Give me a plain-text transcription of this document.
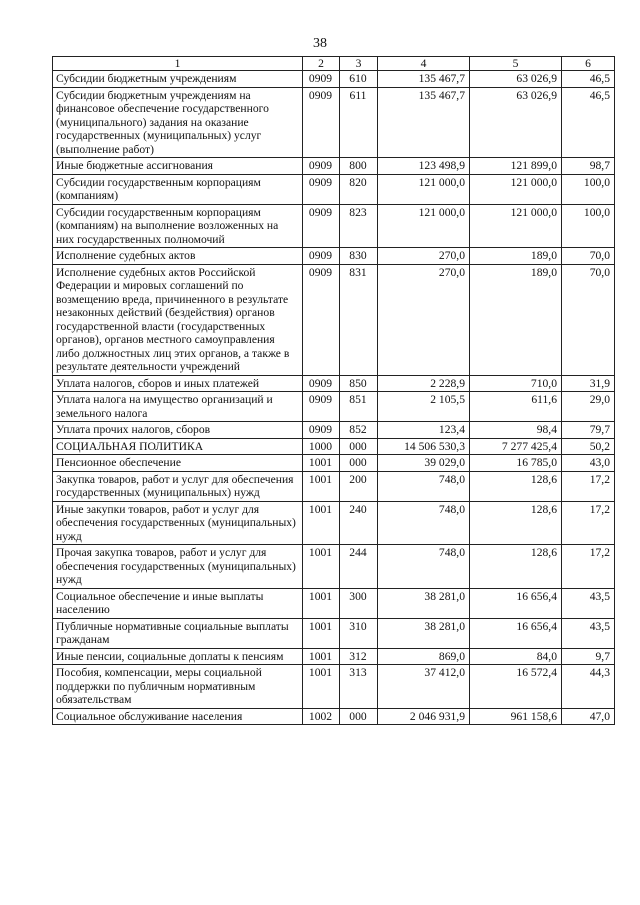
38
1	2	3	4	5	6
Субсидии бюджетным учреждениям	0909	610	135 467,7	63 026,9	46,5
Субсидии бюджетным учреждениям на финансовое обеспечение государственного (муниципального) задания на оказание государственных (муниципальных) услуг (выполнение работ)	0909	611	135 467,7	63 026,9	46,5
Иные бюджетные ассигнования	0909	800	123 498,9	121 899,0	98,7
Субсидии государственным корпорациям (компаниям)	0909	820	121 000,0	121 000,0	100,0
Субсидии государственным корпорациям (компаниям) на выполнение возложенных на них государственных полномочий	0909	823	121 000,0	121 000,0	100,0
Исполнение судебных актов	0909	830	270,0	189,0	70,0
Исполнение судебных актов Российской Федерации и мировых соглашений по возмещению вреда, причиненного в результате незаконных действий (бездействия) органов государственной власти (государственных органов), органов местного самоуправления либо должностных лиц этих органов, а также в результате деятельности учреждений	0909	831	270,0	189,0	70,0
Уплата налогов, сборов и иных платежей	0909	850	2 228,9	710,0	31,9
Уплата налога на имущество организаций и земельного налога	0909	851	2 105,5	611,6	29,0
Уплата прочих налогов, сборов	0909	852	123,4	98,4	79,7
СОЦИАЛЬНАЯ ПОЛИТИКА	1000	000	14 506 530,3	7 277 425,4	50,2
Пенсионное обеспечение	1001	000	39 029,0	16 785,0	43,0
Закупка товаров, работ и услуг для обеспечения государственных (муниципальных) нужд	1001	200	748,0	128,6	17,2
Иные закупки товаров, работ и услуг для обеспечения государственных (муниципальных) нужд	1001	240	748,0	128,6	17,2
Прочая закупка товаров, работ и услуг для обеспечения государственных (муниципальных) нужд	1001	244	748,0	128,6	17,2
Социальное обеспечение и иные выплаты населению	1001	300	38 281,0	16 656,4	43,5
Публичные нормативные социальные выплаты гражданам	1001	310	38 281,0	16 656,4	43,5
Иные пенсии, социальные доплаты к пенсиям	1001	312	869,0	84,0	9,7
Пособия, компенсации, меры социальной поддержки по публичным нормативным обязательствам	1001	313	37 412,0	16 572,4	44,3
Социальное обслуживание населения	1002	000	2 046 931,9	961 158,6	47,0
